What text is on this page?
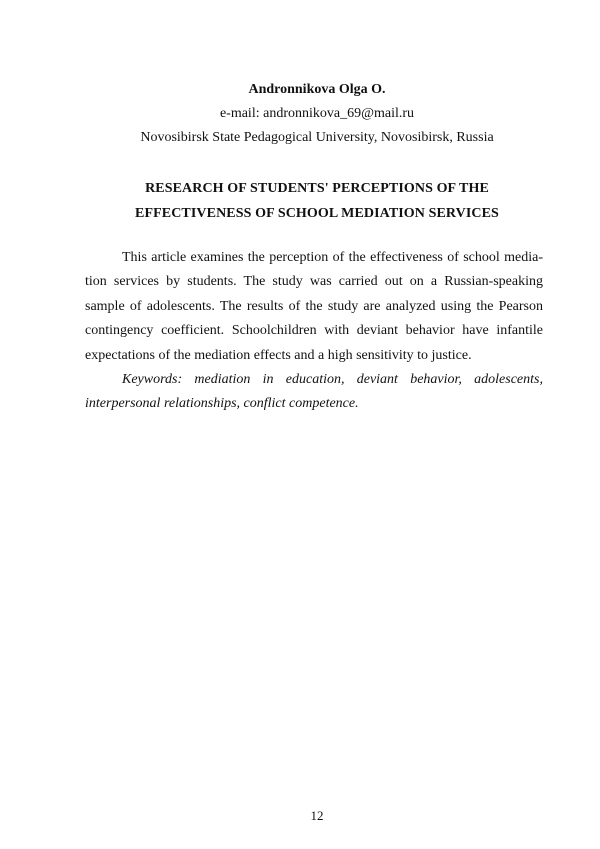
Andronnikova Olga O.

e-mail: andronnikova_69@mail.ru

Novosibirsk State Pedagogical University, Novosibirsk, Russia

RESEARCH OF STUDENTS' PERCEPTIONS OF THE

EFFECTIVENESS OF SCHOOL MEDIATION SERVICES

This article examines the perception of the effectiveness of school mediation services by students. The study was carried out on a Russian-speaking sample of adolescents. The results of the study are analyzed using the Pearson contingency coefficient. Schoolchildren with deviant behavior have infantile expectations of the mediation effects and a high sensitivity to justice.

Keywords: mediation in education, deviant behavior, adolescents, interpersonal relationships, conflict competence.

12
